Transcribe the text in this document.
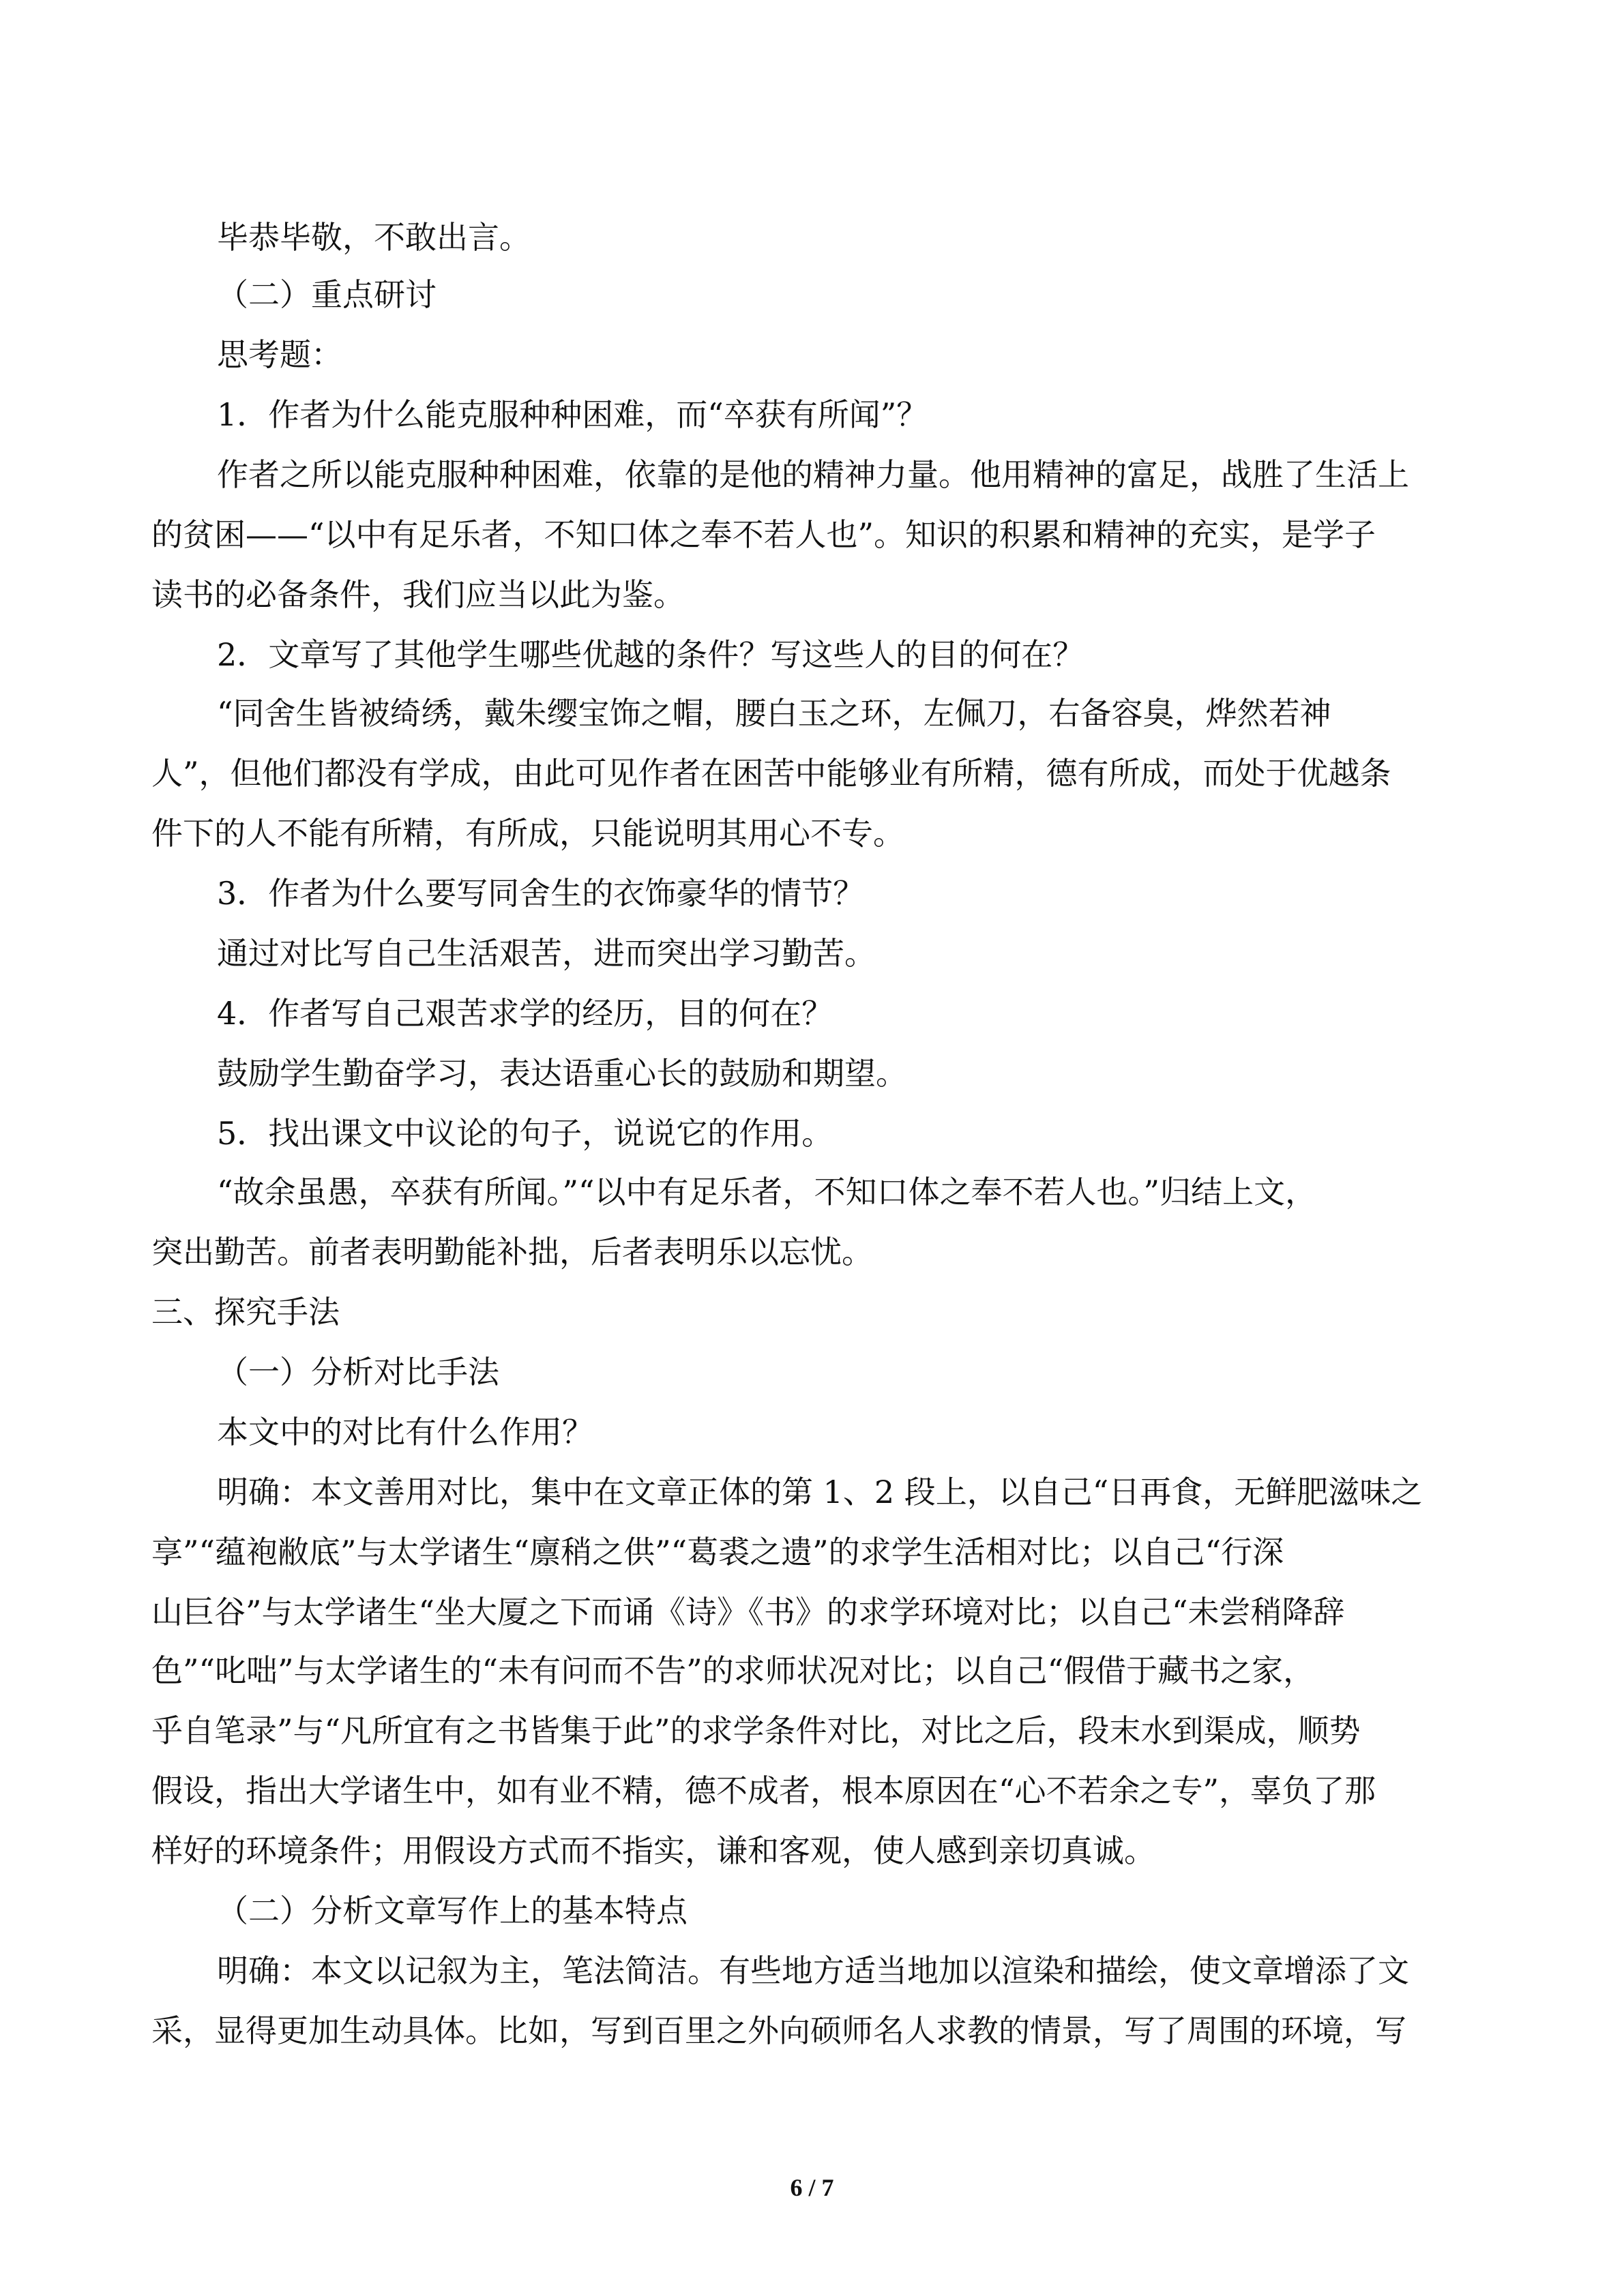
毕恭毕敬，不敢出言。
（二）重点研讨
思考题：
1．作者为什么能克服种种困难，而“卒获有所闻”？
作者之所以能克服种种困难，依靠的是他的精神力量。他用精神的富足，战胜了生活上
的贫困——“以中有足乐者，不知口体之奉不若人也”。知识的积累和精神的充实，是学子
读书的必备条件，我们应当以此为鉴。
2．文章写了其他学生哪些优越的条件？写这些人的目的何在？
“同舍生皆被绮绣，戴朱缨宝饰之帽，腰白玉之环，左佩刀，右备容臭，烨然若神
人”，但他们都没有学成，由此可见作者在困苦中能够业有所精，德有所成，而处于优越条
件下的人不能有所精，有所成，只能说明其用心不专。
3．作者为什么要写同舍生的衣饰豪华的情节？
通过对比写自己生活艰苦，进而突出学习勤苦。
4．作者写自己艰苦求学的经历，目的何在？
鼓励学生勤奋学习，表达语重心长的鼓励和期望。
5．找出课文中议论的句子，说说它的作用。
“故余虽愚，卒获有所闻。”“以中有足乐者，不知口体之奉不若人也。”归结上文，
突出勤苦。前者表明勤能补拙，后者表明乐以忘忧。
三、探究手法
（一）分析对比手法
本文中的对比有什么作用？
明确：本文善用对比，集中在文章正体的第 1、2 段上，以自己“日再食，无鲜肥滋味之
享”“蕴袍敝底”与太学诸生“廪稍之供”“葛裘之遗”的求学生活相对比；以自己“行深
山巨谷”与太学诸生“坐大厦之下而诵《诗》《书》的求学环境对比；以自己“未尝稍降辞
色”“叱咄”与太学诸生的“未有问而不告”的求师状况对比；以自己“假借于藏书之家，
乎自笔录”与“凡所宜有之书皆集于此”的求学条件对比，对比之后，段末水到渠成，顺势
假设，指出大学诸生中，如有业不精，德不成者，根本原因在“心不若余之专”，辜负了那
样好的环境条件；用假设方式而不指实，谦和客观，使人感到亲切真诚。
（二）分析文章写作上的基本特点
明确：本文以记叙为主，笔法简洁。有些地方适当地加以渲染和描绘，使文章增添了文
采，显得更加生动具体。比如，写到百里之外向硕师名人求教的情景，写了周围的环境，写
6 / 7
